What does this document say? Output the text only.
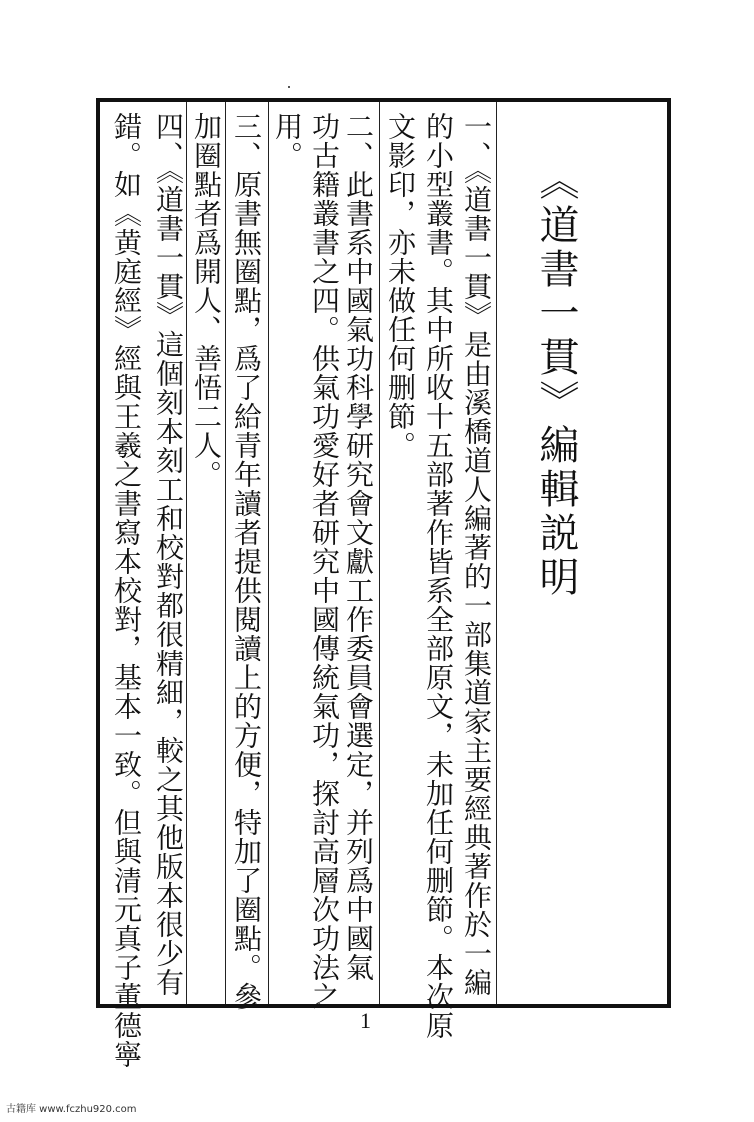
《道書一貫》編輯説明
一、《道書一貫》是由溪橋道人編著的一部集道家主要經典著作於一編
的小型叢書。其中所收十五部著作皆系全部原文，未加任何删節。本次原
文影印，亦未做任何删節。
二、此書系中國氣功科學研究會文獻工作委員會選定，并列爲中國氣
功古籍叢書之四。供氣功愛好者研究中國傳統氣功，探討高層次功法之
用。
三、原書無圈點，爲了給青年讀者提供閱讀上的方便，特加了圈點。參
加圈點者爲開人、善悟二人。
四、《道書一貫》這個刻本刻工和校對都很精細，較之其他版本很少有
錯。如《黄庭經》經與王羲之書寫本校對，基本一致。但與清元真子董德寧	1
古籍库 www.fczhu920.com
